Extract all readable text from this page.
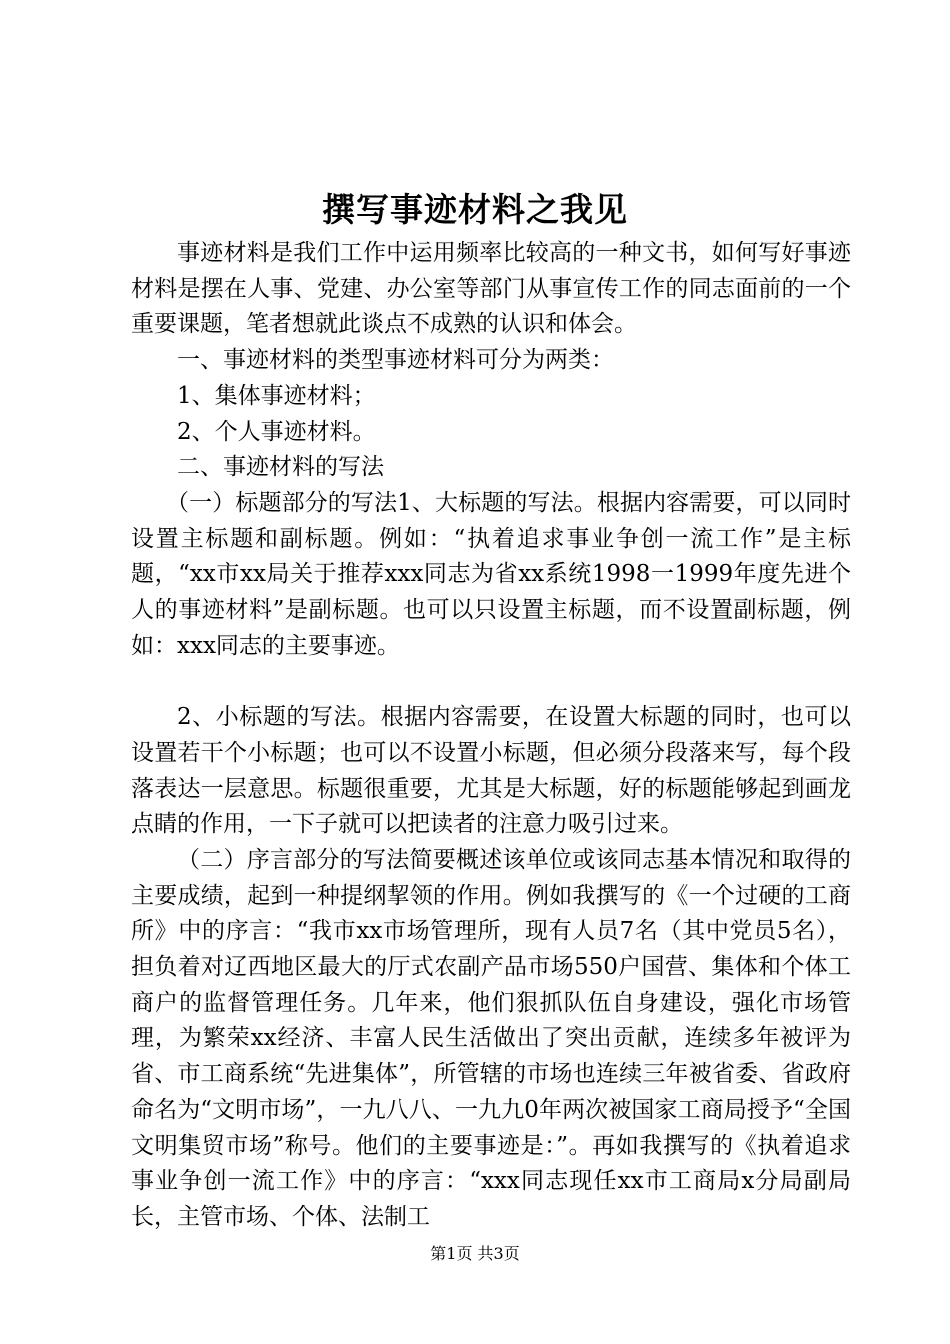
撰写事迹材料之我见

事迹材料是我们工作中运用频率比较高的一种文书，如何写好事迹材料是摆在人事、党建、办公室等部门从事宣传工作的同志面前的一个重要课题，笔者想就此谈点不成熟的认识和体会。

一、事迹材料的类型事迹材料可分为两类：

1、集体事迹材料；

2、个人事迹材料。

二、事迹材料的写法

（一）标题部分的写法1、大标题的写法。根据内容需要，可以同时设置主标题和副标题。例如：“执着追求事业争创一流工作”是主标题，“xx市xx局关于推荐xxx同志为省xx系统1998一1999年度先进个人的事迹材料”是副标题。也可以只设置主标题，而不设置副标题，例如：xxx同志的主要事迹。

2、小标题的写法。根据内容需要，在设置大标题的同时，也可以设置若干个小标题；也可以不设置小标题，但必须分段落来写，每个段落表达一层意思。标题很重要，尤其是大标题，好的标题能够起到画龙点睛的作用，一下子就可以把读者的注意力吸引过来。

（二）序言部分的写法简要概述该单位或该同志基本情况和取得的主要成绩，起到一种提纲挈领的作用。例如我撰写的《一个过硬的工商所》中的序言：“我市xx市场管理所，现有人员7名（其中党员5名），担负着对辽西地区最大的厅式农副产品市场550户国营、集体和个体工商户的监督管理任务。几年来，他们狠抓队伍自身建设，强化市场管理，为繁荣xx经济、丰富人民生活做出了突出贡献，连续多年被评为省、市工商系统“先进集体”，所管辖的市场也连续三年被省委、省政府命名为“文明市场”，一九八八、一九九0年两次被国家工商局授予“全国文明集贸市场”称号。他们的主要事迹是：”。再如我撰写的《执着追求事业争创一流工作》中的序言：“xxx同志现任xx市工商局x分局副局长，主管市场、个体、法制工

第1页 共3页
